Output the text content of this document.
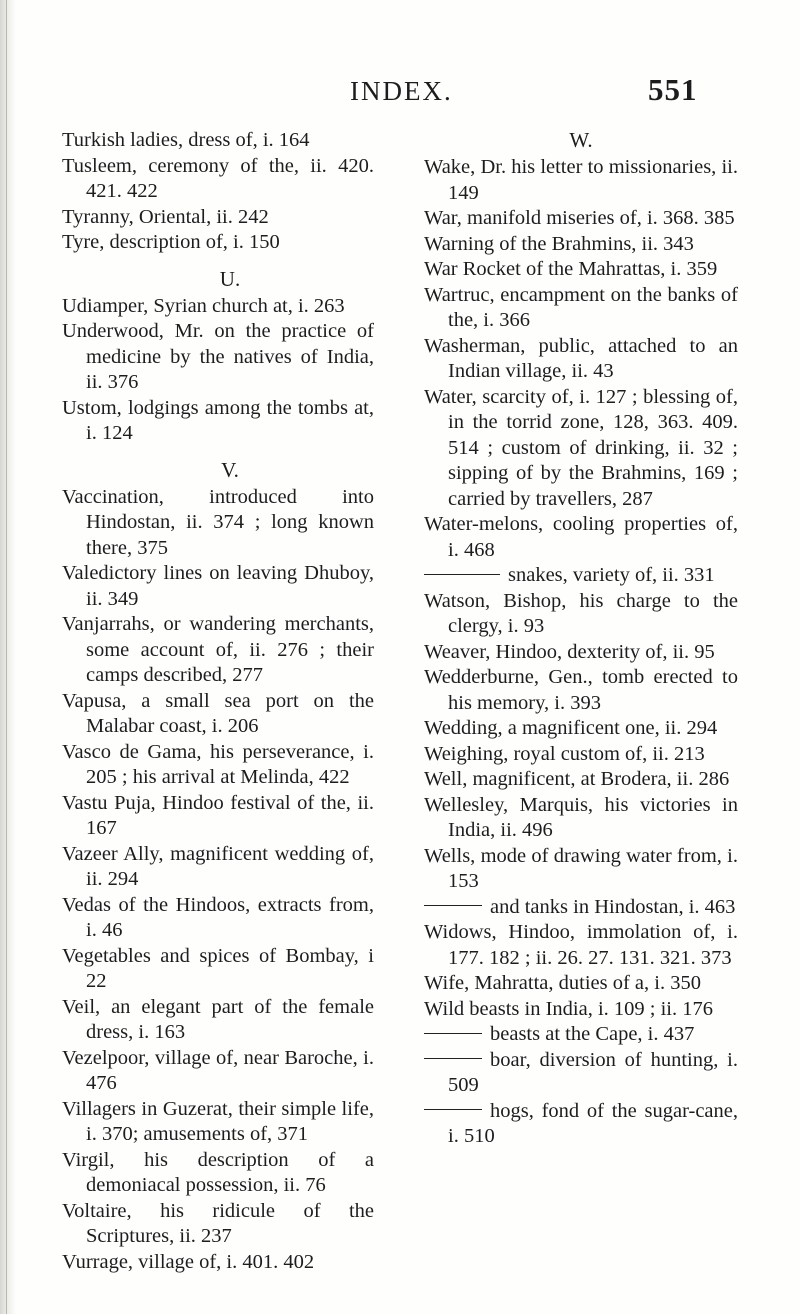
INDEX.	551

Turkish ladies, dress of, i. 164

Tusleem, ceremony of the, ii. 420. 421. 422

Tyranny, Oriental, ii. 242

Tyre, description of, i. 150

U.

Udiamper, Syrian church at, i. 263

Underwood, Mr. on the practice of medicine by the natives of India, ii. 376

Ustom, lodgings among the tombs at, i. 124

V.

Vaccination, introduced into Hindostan, ii. 374 ; long known there, 375

Valedictory lines on leaving Dhuboy, ii. 349

Vanjarrahs, or wandering merchants, some account of, ii. 276 ; their camps described, 277

Vapusa, a small sea port on the Malabar coast, i. 206

Vasco de Gama, his perseverance, i. 205 ; his arrival at Melinda, 422

Vastu Puja, Hindoo festival of the, ii. 167

Vazeer Ally, magnificent wedding of, ii. 294

Vedas of the Hindoos, extracts from, i. 46

Vegetables and spices of Bombay, i 22

Veil, an elegant part of the female dress, i. 163

Vezelpoor, village of, near Baroche, i. 476

Villagers in Guzerat, their simple life, i. 370; amusements of, 371

Virgil, his description of a demoniacal possession, ii. 76

Voltaire, his ridicule of the Scriptures, ii. 237

Vurrage, village of, i. 401. 402

W.

Wake, Dr. his letter to missionaries, ii. 149

War, manifold miseries of, i. 368. 385

Warning of the Brahmins, ii. 343

War Rocket of the Mahrattas, i. 359

Wartruc, encampment on the banks of the, i. 366

Washerman, public, attached to an Indian village, ii. 43

Water, scarcity of, i. 127 ; blessing of, in the torrid zone, 128, 363. 409. 514 ; custom of drinking, ii. 32 ; sipping of by the Brahmins, 169 ; carried by travellers, 287

Water-melons, cooling properties of, i. 468

snakes, variety of, ii. 331

Watson, Bishop, his charge to the clergy, i. 93

Weaver, Hindoo, dexterity of, ii. 95

Wedderburne, Gen., tomb erected to his memory, i. 393

Wedding, a magnificent one, ii. 294

Weighing, royal custom of, ii. 213

Well, magnificent, at Brodera, ii. 286

Wellesley, Marquis, his victories in India, ii. 496

Wells, mode of drawing water from, i. 153

and tanks in Hindostan, i. 463

Widows, Hindoo, immolation of, i. 177. 182 ; ii. 26. 27. 131. 321. 373

Wife, Mahratta, duties of a, i. 350

Wild beasts in India, i. 109 ; ii. 176

beasts at the Cape, i. 437

boar, diversion of hunting, i. 509

hogs, fond of the sugar-cane, i. 510
